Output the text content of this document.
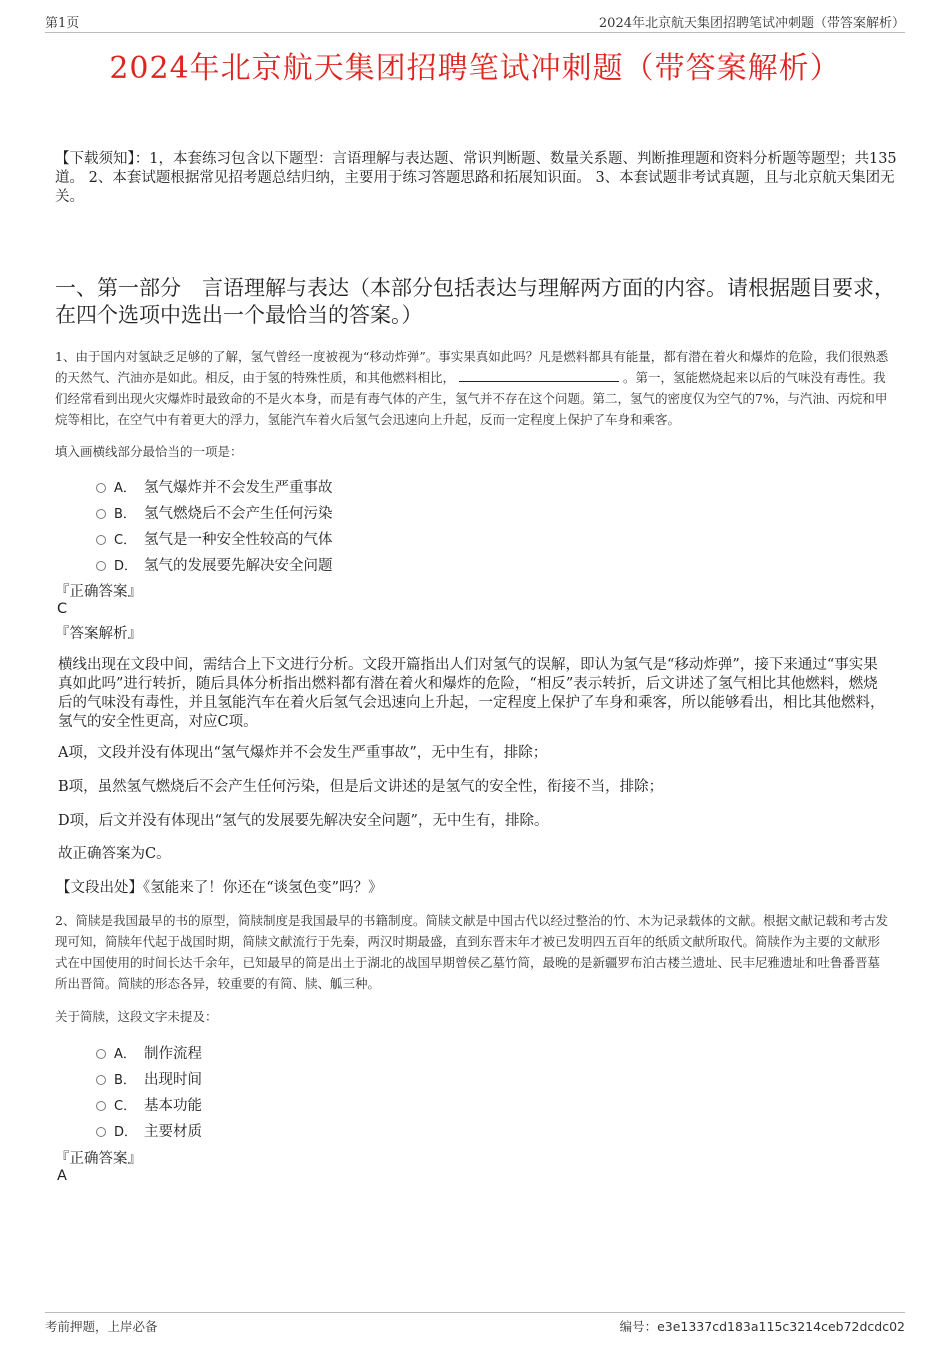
第1页	2024年北京航天集团招聘笔试冲刺题（带答案解析）
2024年北京航天集团招聘笔试冲刺题（带答案解析）
【下载须知】：1，本套练习包含以下题型：言语理解与表达题、常识判断题、数量关系题、判断推理题和资料分析题等题型；共135道。 2、本套试题根据常见招考题总结归纳，主要用于练习答题思路和拓展知识面。 3、本套试题非考试真题，且与北京航天集团无关。
一、第一部分　言语理解与表达（本部分包括表达与理解两方面的内容。请根据题目要求，在四个选项中选出一个最恰当的答案。）
1、由于国内对氢缺乏足够的了解，氢气曾经一度被视为“移动炸弹”。事实果真如此吗？凡是燃料都具有能量，都有潜在着火和爆炸的危险，我们很熟悉的天然气、汽油亦是如此。相反，由于氢的特殊性质，和其他燃料相比，	。第一，氢能燃烧起来以后的气味没有毒性。我们经常看到出现火灾爆炸时最致命的不是火本身，而是有毒气体的产生，氢气并不存在这个问题。第二，氢气的密度仅为空气的7%，与汽油、丙烷和甲烷等相比，在空气中有着更大的浮力，氢能汽车着火后氢气会迅速向上升起，反而一定程度上保护了车身和乘客。
填入画横线部分最恰当的一项是：
A． 氢气爆炸并不会发生严重事故
B． 氢气燃烧后不会产生任何污染
C． 氢气是一种安全性较高的气体
D． 氢气的发展要先解决安全问题
『正确答案』
C
『答案解析』
横线出现在文段中间，需结合上下文进行分析。文段开篇指出人们对氢气的误解，即认为氢气是“移动炸弹”，接下来通过“事实果真如此吗”进行转折，随后具体分析指出燃料都有潜在着火和爆炸的危险，“相反”表示转折，后文讲述了氢气相比其他燃料，燃烧后的气味没有毒性，并且氢能汽车在着火后氢气会迅速向上升起，一定程度上保护了车身和乘客，所以能够看出，相比其他燃料，氢气的安全性更高，对应C项。
A项，文段并没有体现出“氢气爆炸并不会发生严重事故”，无中生有，排除；
B项，虽然氢气燃烧后不会产生任何污染，但是后文讲述的是氢气的安全性，衔接不当，排除；
D项，后文并没有体现出“氢气的发展要先解决安全问题”，无中生有，排除。
故正确答案为C。
【文段出处】《氢能来了！你还在“谈氢色变”吗？》
2、简牍是我国最早的书的原型，简牍制度是我国最早的书籍制度。简牍文献是中国古代以经过整治的竹、木为记录载体的文献。根据文献记载和考古发现可知，简牍年代起于战国时期，简牍文献流行于先秦，两汉时期最盛，直到东晋末年才被已发明四五百年的纸质文献所取代。简牍作为主要的文献形式在中国使用的时间长达千余年，已知最早的简是出土于湖北的战国早期曾侯乙墓竹简，最晚的是新疆罗布泊古楼兰遗址、民丰尼雅遗址和吐鲁番晋墓所出晋简。简牍的形态各异，较重要的有简、牍、觚三种。
关于简牍，这段文字未提及：
A． 制作流程
B． 出现时间
C． 基本功能
D． 主要材质
『正确答案』
A
考前押题，上岸必备	编号：e3e1337cd183a115c3214ceb72dcdc02
